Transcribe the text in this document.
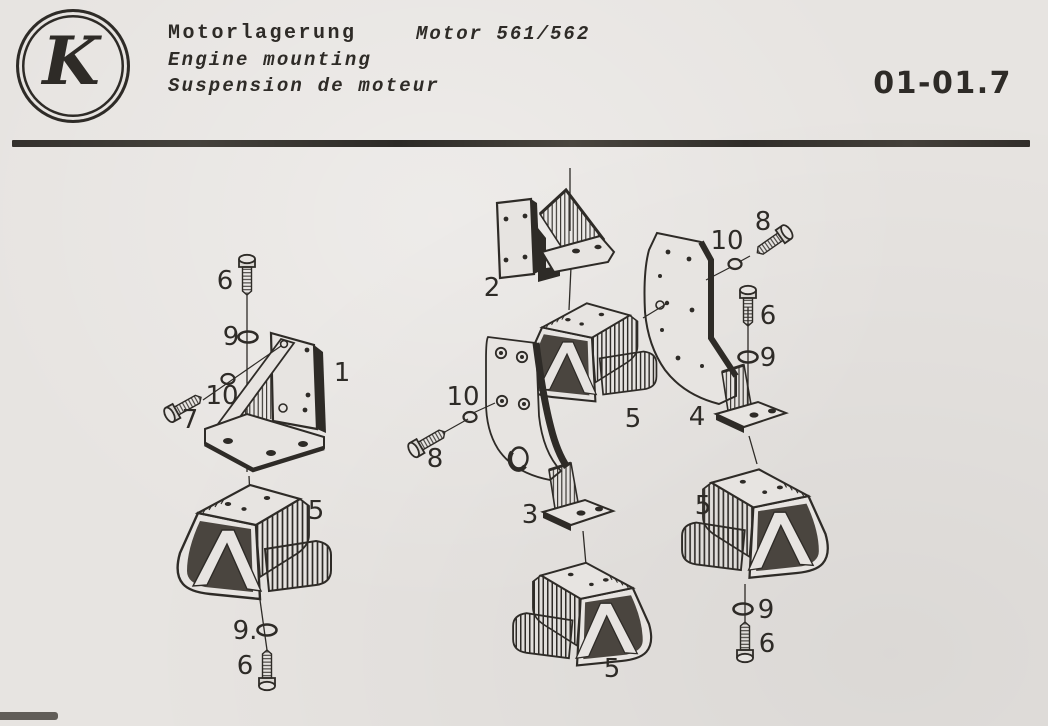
K	Motorlagerung	Motor 561/562
Engine mounting
Suspension de moteur	01-01.7
6
9
10
7
1
5
9.
6
2
10
8
3
5
5
10
8
6
9
4
5
9
6
